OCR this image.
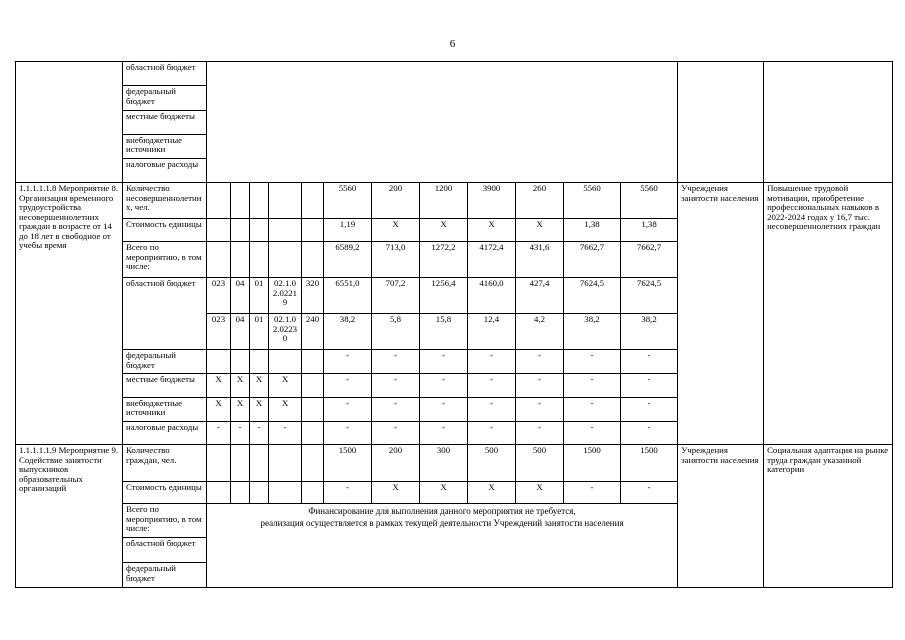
6
	областной бюджет														
	федеральный бюджет														
	местные бюджеты														
	внебюджетные источники														
	налоговые расходы														
1.1.1.1.1.8 Мероприятие 8. Организация временного трудоустройства несовершеннолетних граждан в возрасте от 14 до 18 лет в свободное от учебы время	Количество несовершеннолетних, чел.						5560	200	1200	3900	260	5560	5560	Учреждения занятости населения	Повышение трудовой мотивации, приобретение профессиональных навыков в 2022-2024 годах у 16,7 тыс. несовершеннолетних граждан
	Стоимость единицы						1,19	X	X	X	X	1,38	1,38		
	Всего по мероприятию, в том числе:						6589,2	713,0	1272,2	4172,4	431,6	7662,7	7662,7		
	областной бюджет	023	04	01	02.1.02.02219	320	6551,0	707,2	1256,4	4160,0	427,4	7624,5	7624,5		
		023	04	01	02.1.02.02230	240	38,2	5,8	15,8	12,4	4,2	38,2	38,2		
	федеральный бюджет						-	-	-	-	-	-	-		
	местные бюджеты	X	X	X	X		-	-	-	-	-	-	-		
	внебюджетные источники	X	X	X	X		-	-	-	-	-	-	-		
	налоговые расходы	-	-	-	-		-	-	-	-	-	-	-		
1.1.1.1.1.9 Мероприятие 9. Содействие занятости выпускников образовательных организаций	Количество граждан, чел.						1500	200	300	500	500	1500	1500	Учреждения занятости населения	Социальная адаптация на рынке труда граждан указанной категории
	Стоимость единицы						-	X	X	X	X	-	-		
	Всего по мероприятию, в том числе:	Финансирование для выполнения данного мероприятия не требуется,
реализация осуществляется в рамках текущей деятельности Учреждений занятости населения													

	областной бюджет														
	федеральный бюджет														
